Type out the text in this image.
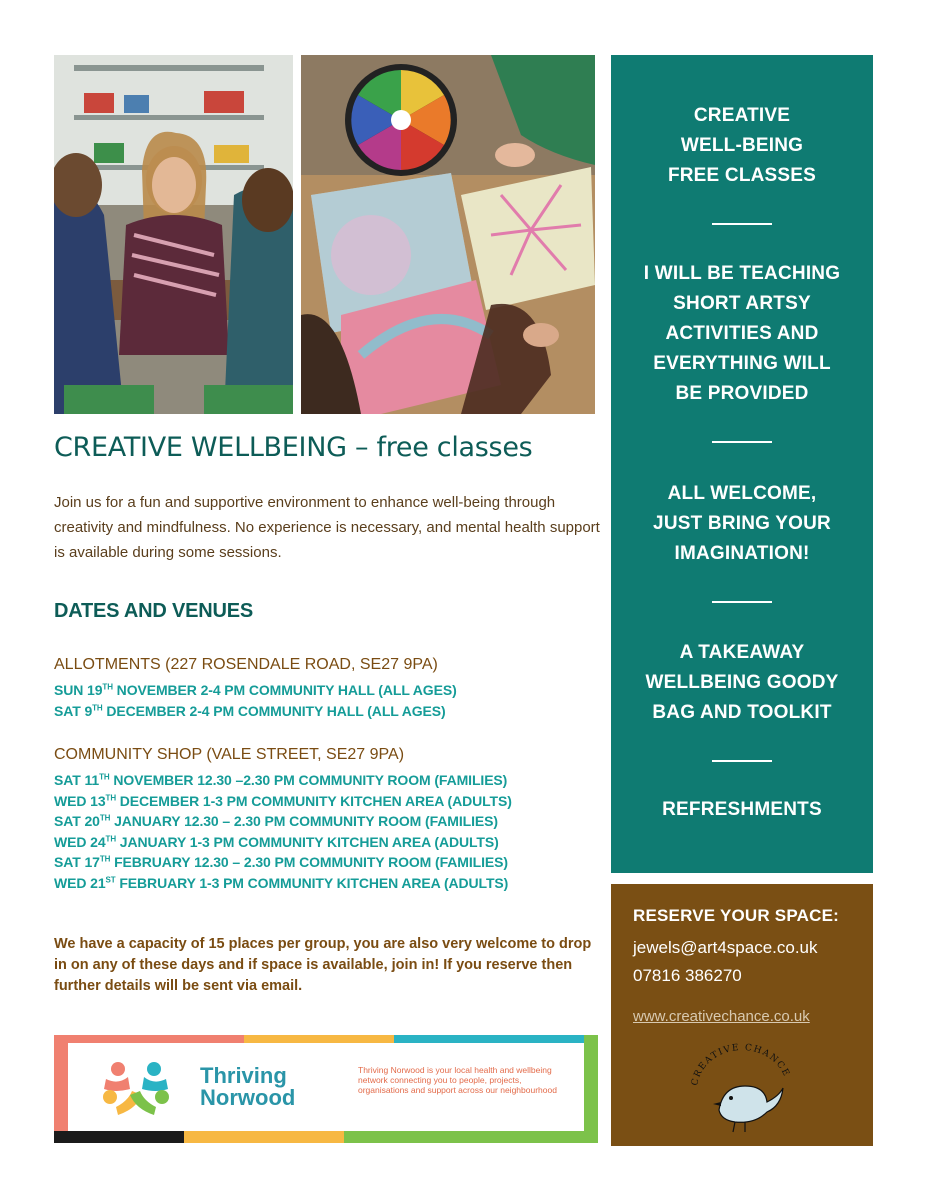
CREATIVE WELLBEING – free classes
Join us for a fun and supportive environment to enhance well-being through creativity and mindfulness. No experience is necessary, and mental health support is available during some sessions.
DATES AND VENUES
ALLOTMENTS (227 ROSENDALE ROAD, SE27 9PA)
SUN 19TH NOVEMBER 2-4 PM COMMUNITY HALL (ALL AGES)
SAT 9TH DECEMBER 2-4 PM COMMUNITY HALL (ALL AGES)
COMMUNITY SHOP (VALE STREET, SE27 9PA)
SAT 11TH NOVEMBER 12.30 –2.30 PM COMMUNITY ROOM (FAMILIES)
WED 13TH DECEMBER 1-3 PM COMMUNITY KITCHEN AREA (ADULTS)
SAT 20TH JANUARY 12.30 – 2.30 PM COMMUNITY ROOM (FAMILIES)
WED 24TH JANUARY 1-3 PM COMMUNITY KITCHEN AREA (ADULTS)
SAT 17TH FEBRUARY 12.30 – 2.30 PM COMMUNITY ROOM (FAMILIES)
WED 21ST FEBRUARY 1-3 PM COMMUNITY KITCHEN AREA (ADULTS)
We have a capacity of 15 places per group, you are also very welcome to drop in on any of these days and if space is available, join in! If you reserve then further details will be sent via email.
CREATIVE
WELL-BEING
FREE CLASSES
I WILL BE TEACHING
SHORT ARTSY
ACTIVITIES AND
EVERYTHING WILL
BE PROVIDED
ALL WELCOME,
JUST BRING YOUR
IMAGINATION!
A TAKEAWAY
WELLBEING GOODY
BAG AND TOOLKIT
REFRESHMENTS
RESERVE YOUR SPACE:
jewels@art4space.co.uk
07816 386270
www.creativechance.co.uk
CREATIVE CHANCE
Thriving
Norwood
Thriving Norwood is your local health and wellbeing network connecting you to people, projects, organisations and support across our neighbourhood
